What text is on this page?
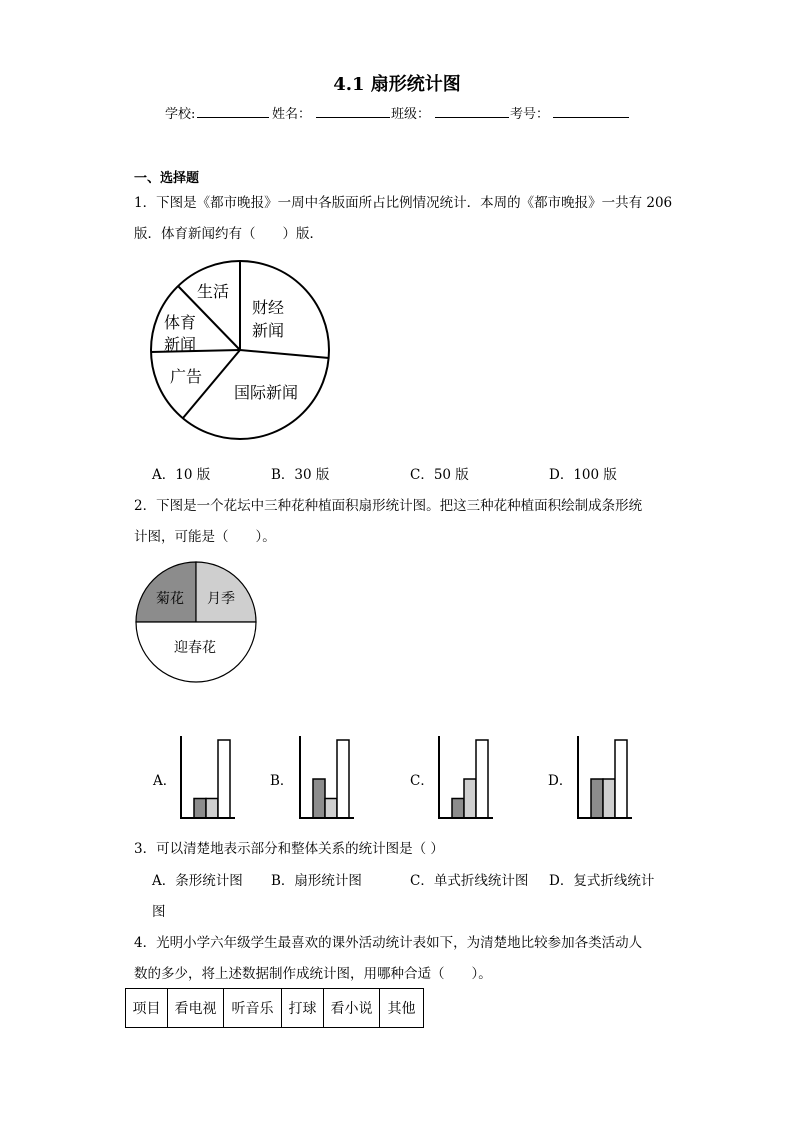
4.1 扇形统计图
学校:	姓名：	班级：	考号：
一、选择题
1．下图是《都市晚报》一周中各版面所占比例情况统计．本周的《都市晚报》一共有 206
版．体育新闻约有（　　）版．
生活
财经
新闻
体育
新闻
广告
国际新闻
A．10 版	B．30 版	C．50 版	D．100 版
2．下图是一个花坛中三种花种植面积扇形统计图。把这三种花种植面积绘制成条形统
计图，可能是（　　）。
菊花 月季
迎春花
A．	B．	C．	D．
3．可以清楚地表示部分和整体关系的统计图是（ ）
A．条形统计图 B．扇形统计图	C．单式折线统计图 D．复式折线统计
图
4．光明小学六年级学生最喜欢的课外活动统计表如下，为清楚地比较参加各类活动人
数的多少，将上述数据制作成统计图，用哪种合适（　　）。
项目	看电视	听音乐	打球	看小说	其他
